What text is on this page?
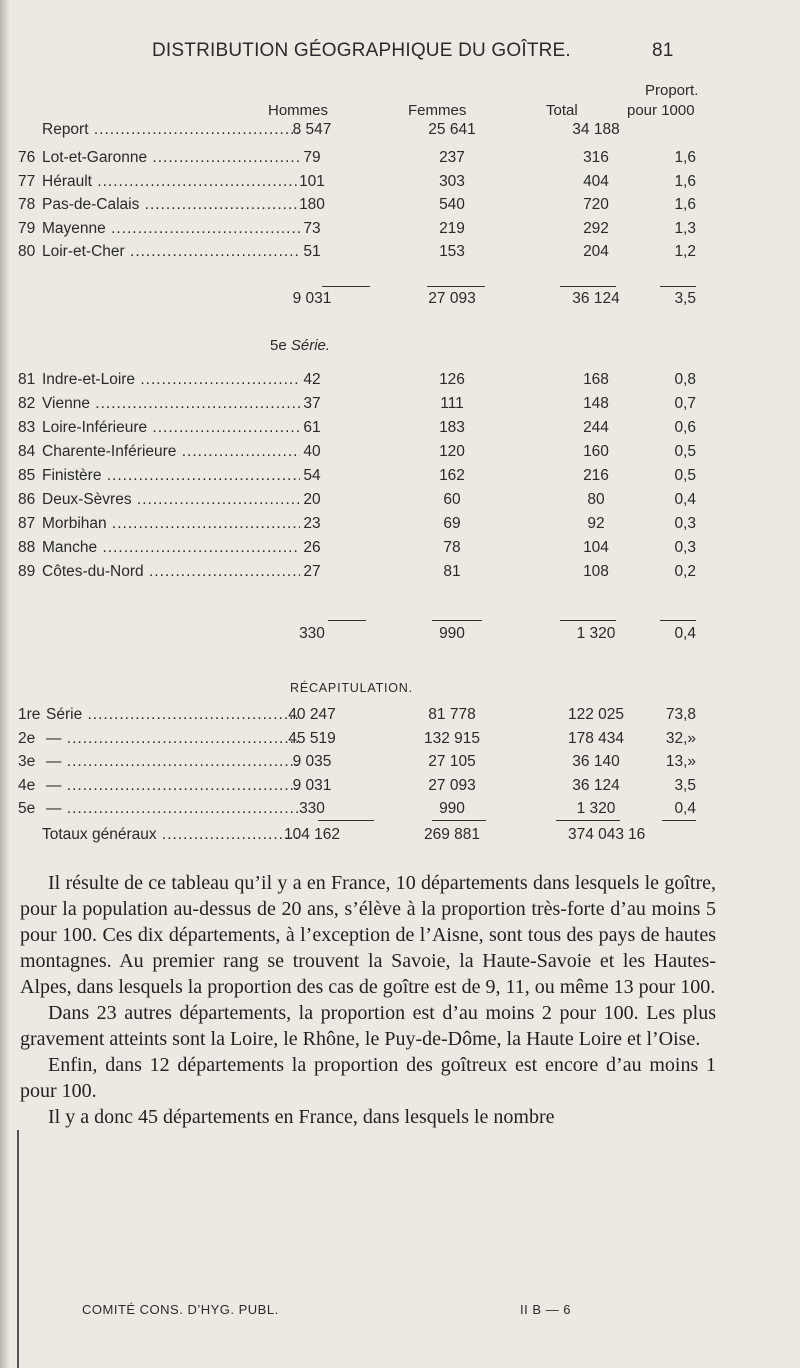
DISTRIBUTION GÉOGRAPHIQUE DU GOÎTRE.	81
Proport.
Hommes	Femmes	Total	pour 1000
Report .....	8 547	25 641	34 188
76 Lot-et-Garonne .....	79	237	316	1,6
77 Hérault .....	101	303	404	1,6
78 Pas-de-Calais .....	180	540	720	1,6
79 Mayenne .....	73	219	292	1,3
80 Loir-et-Cher .....	51	153	204	1,2
9 031	27 093	36 124	3,5
5e Série.
81 Indre-et-Loire .....	42	126	168	0,8
82 Vienne .....	37	111	148	0,7
83 Loire-Inférieure .....	61	183	244	0,6
84 Charente-Inférieure .....	40	120	160	0,5
85 Finistère .....	54	162	216	0,5
86 Deux-Sèvres .....	20	60	80	0,4
87 Morbihan .....	23	69	92	0,3
88 Manche .....	26	78	104	0,3
89 Côtes-du-Nord .....	27	81	108	0,2
330	990	1 320	0,4
RÉCAPITULATION.
1re Série .....	40 247	81 778	122 025	73,8
2e — .....	45 519	132 915	178 434	32,»
3e — .....	9 035	27 105	36 140	13,»
4e — .....	9 031	27 093	36 124	3,5
5e — .....	330	990	1 320	0,4
Totaux généraux .....	104 162	269 881	374 043 16

Il résulte de ce tableau qu’il y a en France, 10 départements dans lesquels le goître, pour la population au-dessus de 20 ans, s’élève à la proportion très-forte d’au moins 5 pour 100. Ces dix départements, à l’exception de l’Aisne, sont tous des pays de hautes montagnes. Au premier rang se trouvent la Savoie, la Haute-Savoie et les Hautes-Alpes, dans lesquels la proportion des cas de goître est de 9, 11, ou même 13 pour 100.

Dans 23 autres départements, la proportion est d’au moins 2 pour 100. Les plus gravement atteints sont la Loire, le Rhône, le Puy-de-Dôme, la Haute Loire et l’Oise.

Enfin, dans 12 départements la proportion des goîtreux est encore d’au moins 1 pour 100.

Il y a donc 45 départements en France, dans lesquels le nombre

COMITÉ CONS. D’HYG. PUBL.	II B — 6
